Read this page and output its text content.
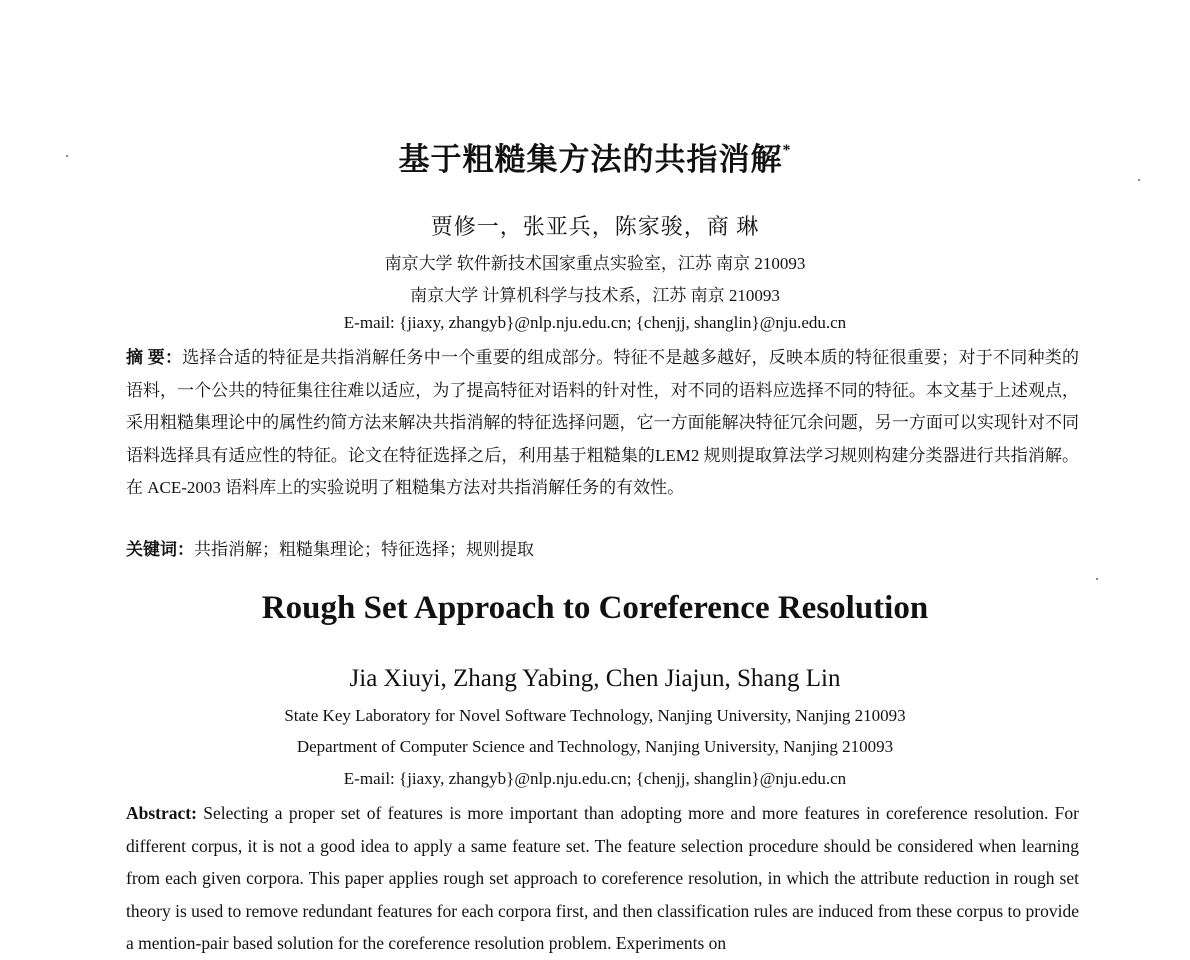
基于粗糙集方法的共指消解*
贾修一，张亚兵，陈家骏，商 琳
南京大学 软件新技术国家重点实验室，江苏 南京 210093
南京大学 计算机科学与技术系，江苏 南京 210093
E-mail: {jiaxy, zhangyb}@nlp.nju.edu.cn; {chenjj, shanglin}@nju.edu.cn
摘 要：选择合适的特征是共指消解任务中一个重要的组成部分。特征不是越多越好，反映本质的特征很重要；对于不同种类的语料，一个公共的特征集往往难以适应，为了提高特征对语料的针对性，对不同的语料应选择不同的特征。本文基于上述观点，采用粗糙集理论中的属性约简方法来解决共指消解的特征选择问题，它一方面能解决特征冗余问题，另一方面可以实现针对不同语料选择具有适应性的特征。论文在特征选择之后，利用基于粗糙集的LEM2 规则提取算法学习规则构建分类器进行共指消解。在 ACE-2003 语料库上的实验说明了粗糙集方法对共指消解任务的有效性。
关键词：共指消解；粗糙集理论；特征选择；规则提取
Rough Set Approach to Coreference Resolution
Jia Xiuyi, Zhang Yabing, Chen Jiajun, Shang Lin
State Key Laboratory for Novel Software Technology, Nanjing University, Nanjing 210093
Department of Computer Science and Technology, Nanjing University, Nanjing 210093
E-mail: {jiaxy, zhangyb}@nlp.nju.edu.cn; {chenjj, shanglin}@nju.edu.cn
Abstract: Selecting a proper set of features is more important than adopting more and more features in coreference resolution. For different corpus, it is not a good idea to apply a same feature set. The feature selection procedure should be considered when learning from each given corpora. This paper applies rough set approach to coreference resolution, in which the attribute reduction in rough set theory is used to remove redundant features for each corpora first, and then classification rules are induced from these corpus to provide a mention-pair based solution for the coreference resolution problem. Experiments on
